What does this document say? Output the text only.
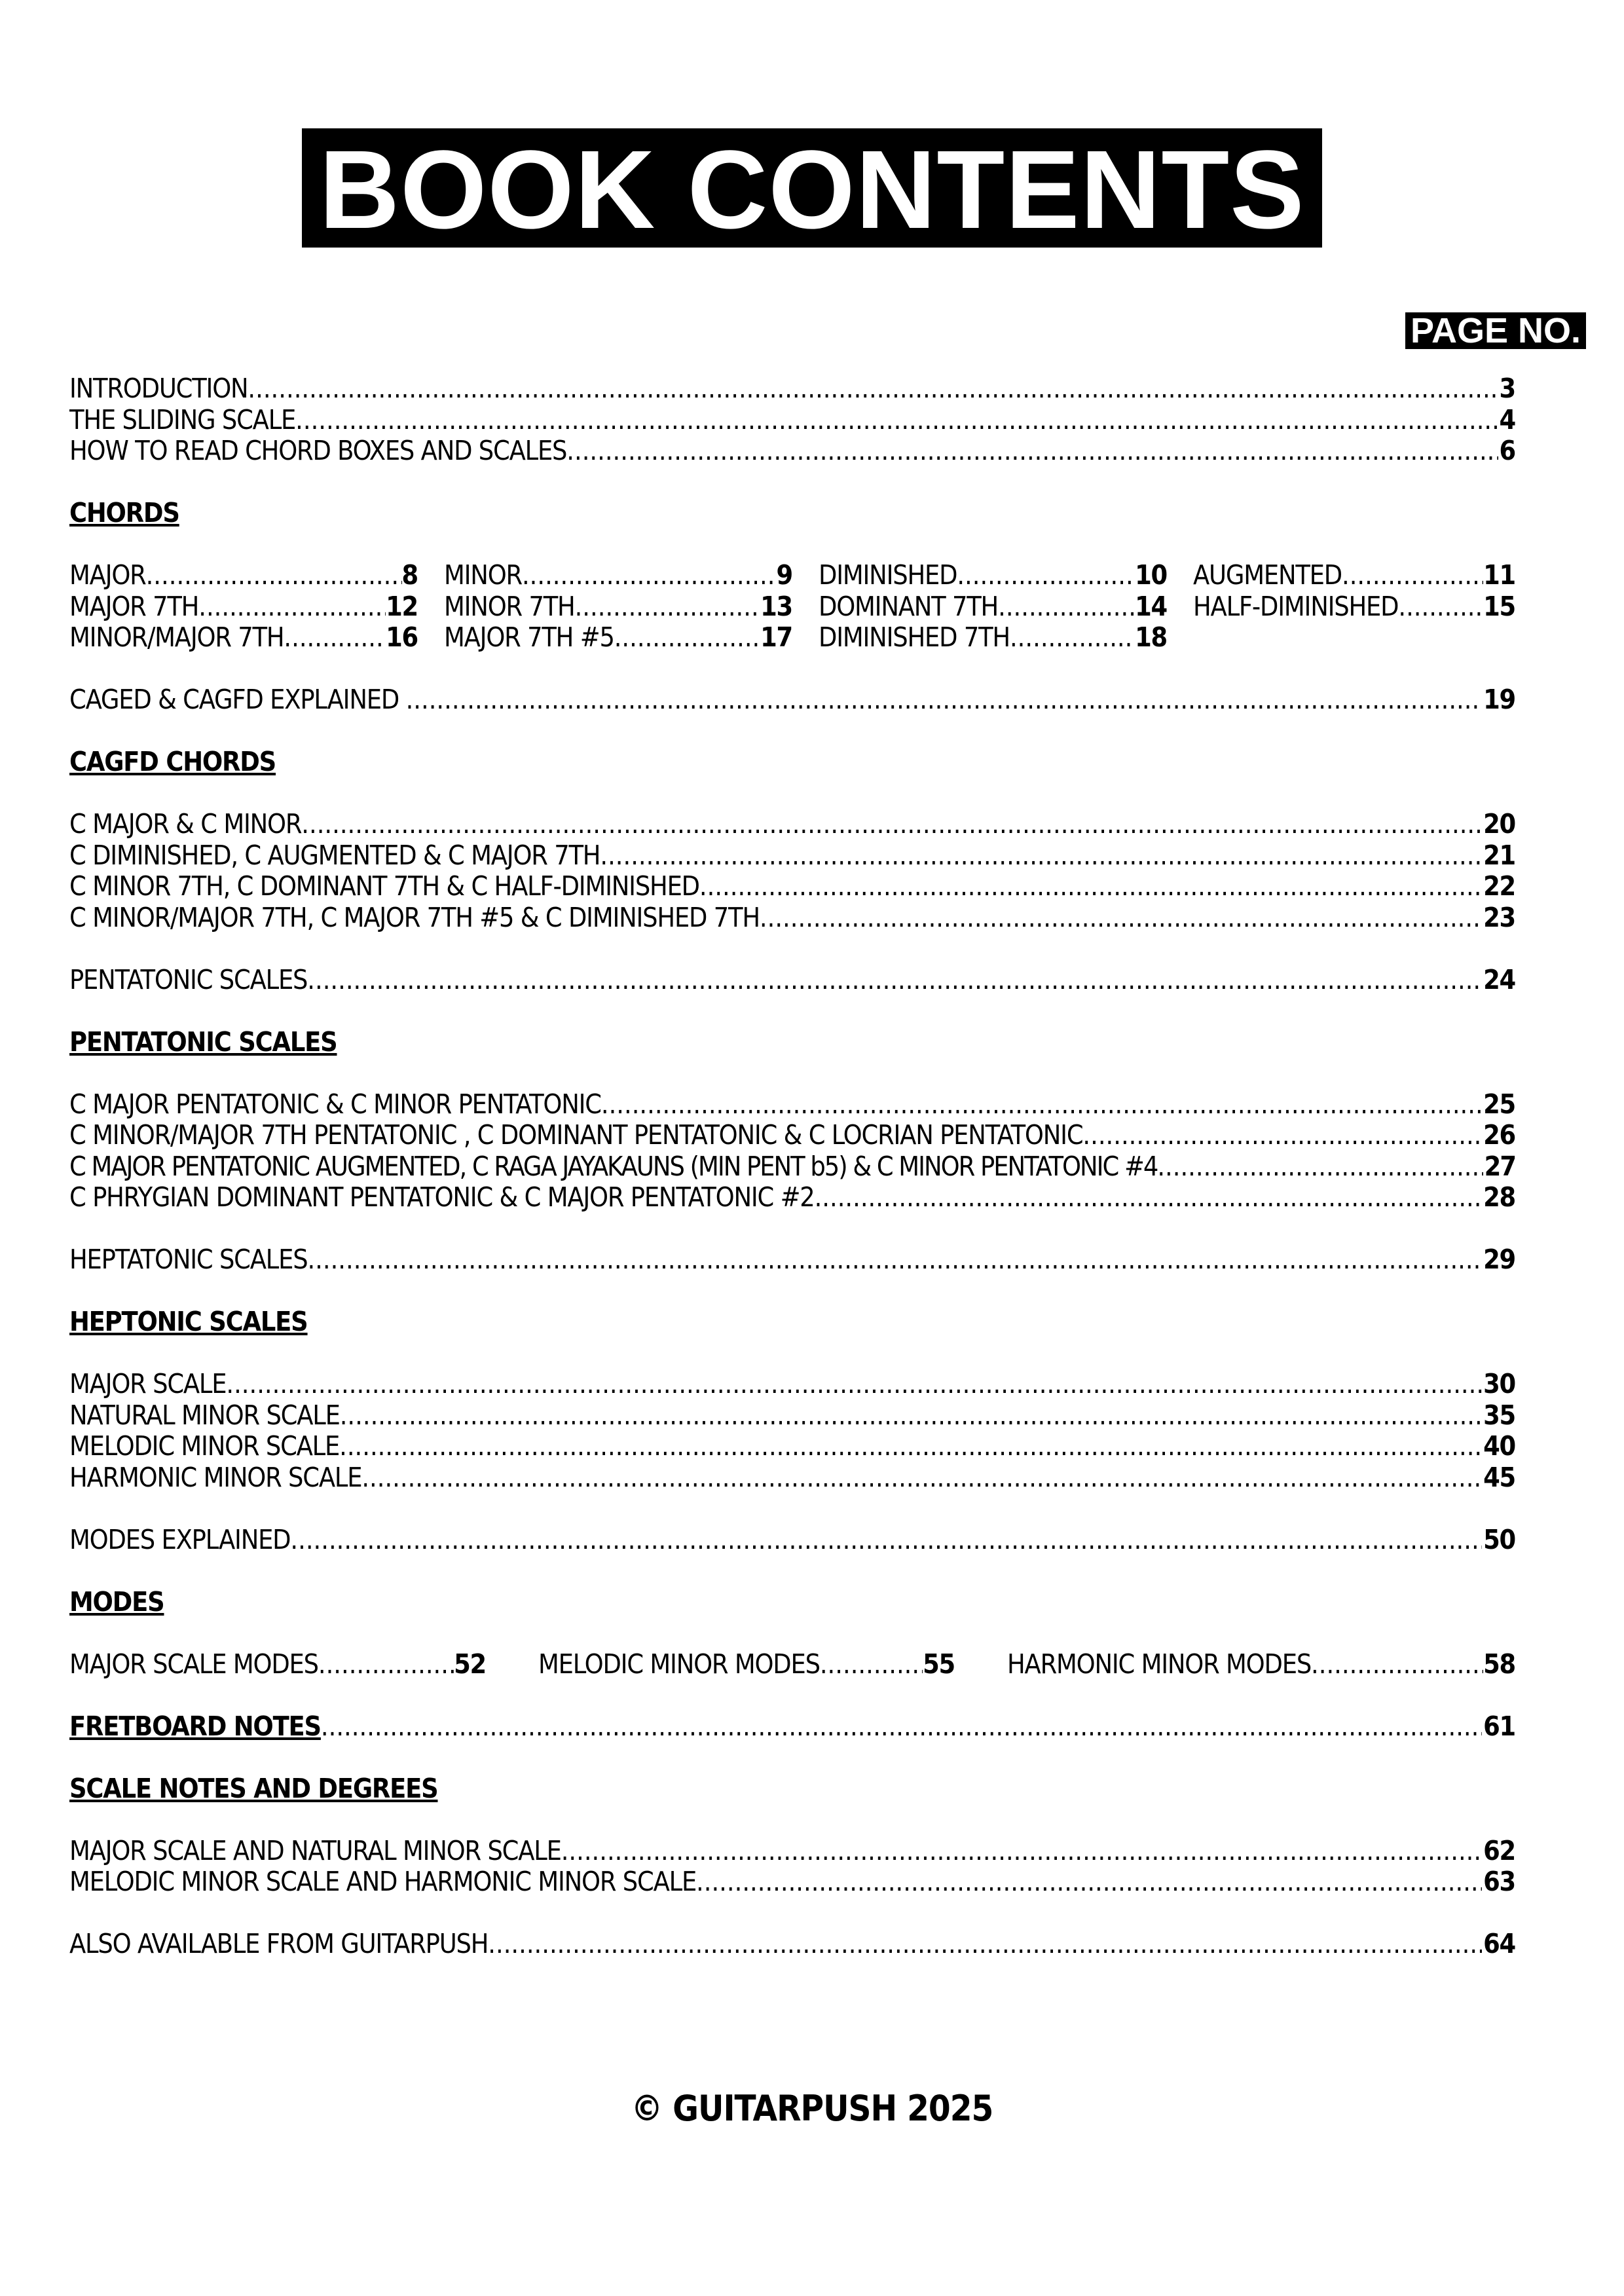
BOOK CONTENTS
PAGE NO.
INTRODUCTION .....	3
THE SLIDING SCALE .....	4
HOW TO READ CHORD BOXES AND SCALES .....	6
CHORDS
MAJOR .....	8 MINOR .....	9 DIMINISHED .....	10 AUGMENTED .....	11
MAJOR 7TH .....	12 MINOR 7TH .....	13 DOMINANT 7TH .....	14 HALF-DIMINISHED .....	15
MINOR/MAJOR 7TH .....	16 MAJOR 7TH #5 .....	17 DIMINISHED 7TH .....	18
CAGED & CAGFD EXPLAINED .....	19
CAGFD CHORDS
C MAJOR & C MINOR .....	20
C DIMINISHED, C AUGMENTED & C MAJOR 7TH .....	21
C MINOR 7TH, C DOMINANT 7TH & C HALF-DIMINISHED .....	22
C MINOR/MAJOR 7TH, C MAJOR 7TH #5 & C DIMINISHED 7TH .....	23
PENTATONIC SCALES .....	24
PENTATONIC SCALES
C MAJOR PENTATONIC & C MINOR PENTATONIC .....	25
C MINOR/MAJOR 7TH PENTATONIC , C DOMINANT PENTATONIC & C LOCRIAN PENTATONIC .....	26
C MAJOR PENTATONIC AUGMENTED, C RAGA JAYAKAUNS (MIN PENT b5) & C MINOR PENTATONIC #4 .....	27
C PHRYGIAN DOMINANT PENTATONIC & C MAJOR PENTATONIC #2 .....	28
HEPTATONIC SCALES .....	29
HEPTONIC SCALES
MAJOR SCALE .....	30
NATURAL MINOR SCALE .....	35
MELODIC MINOR SCALE .....	40
HARMONIC MINOR SCALE .....	45
MODES EXPLAINED .....	50
MODES
MAJOR SCALE MODES .....	52 MELODIC MINOR MODES .....	55 HARMONIC MINOR MODES .....	58
FRETBOARD NOTES .....	61
SCALE NOTES AND DEGREES
MAJOR SCALE AND NATURAL MINOR SCALE .....	62
MELODIC MINOR SCALE AND HARMONIC MINOR SCALE .....	63
ALSO AVAILABLE FROM GUITARPUSH .....	64
© GUITARPUSH 2025
